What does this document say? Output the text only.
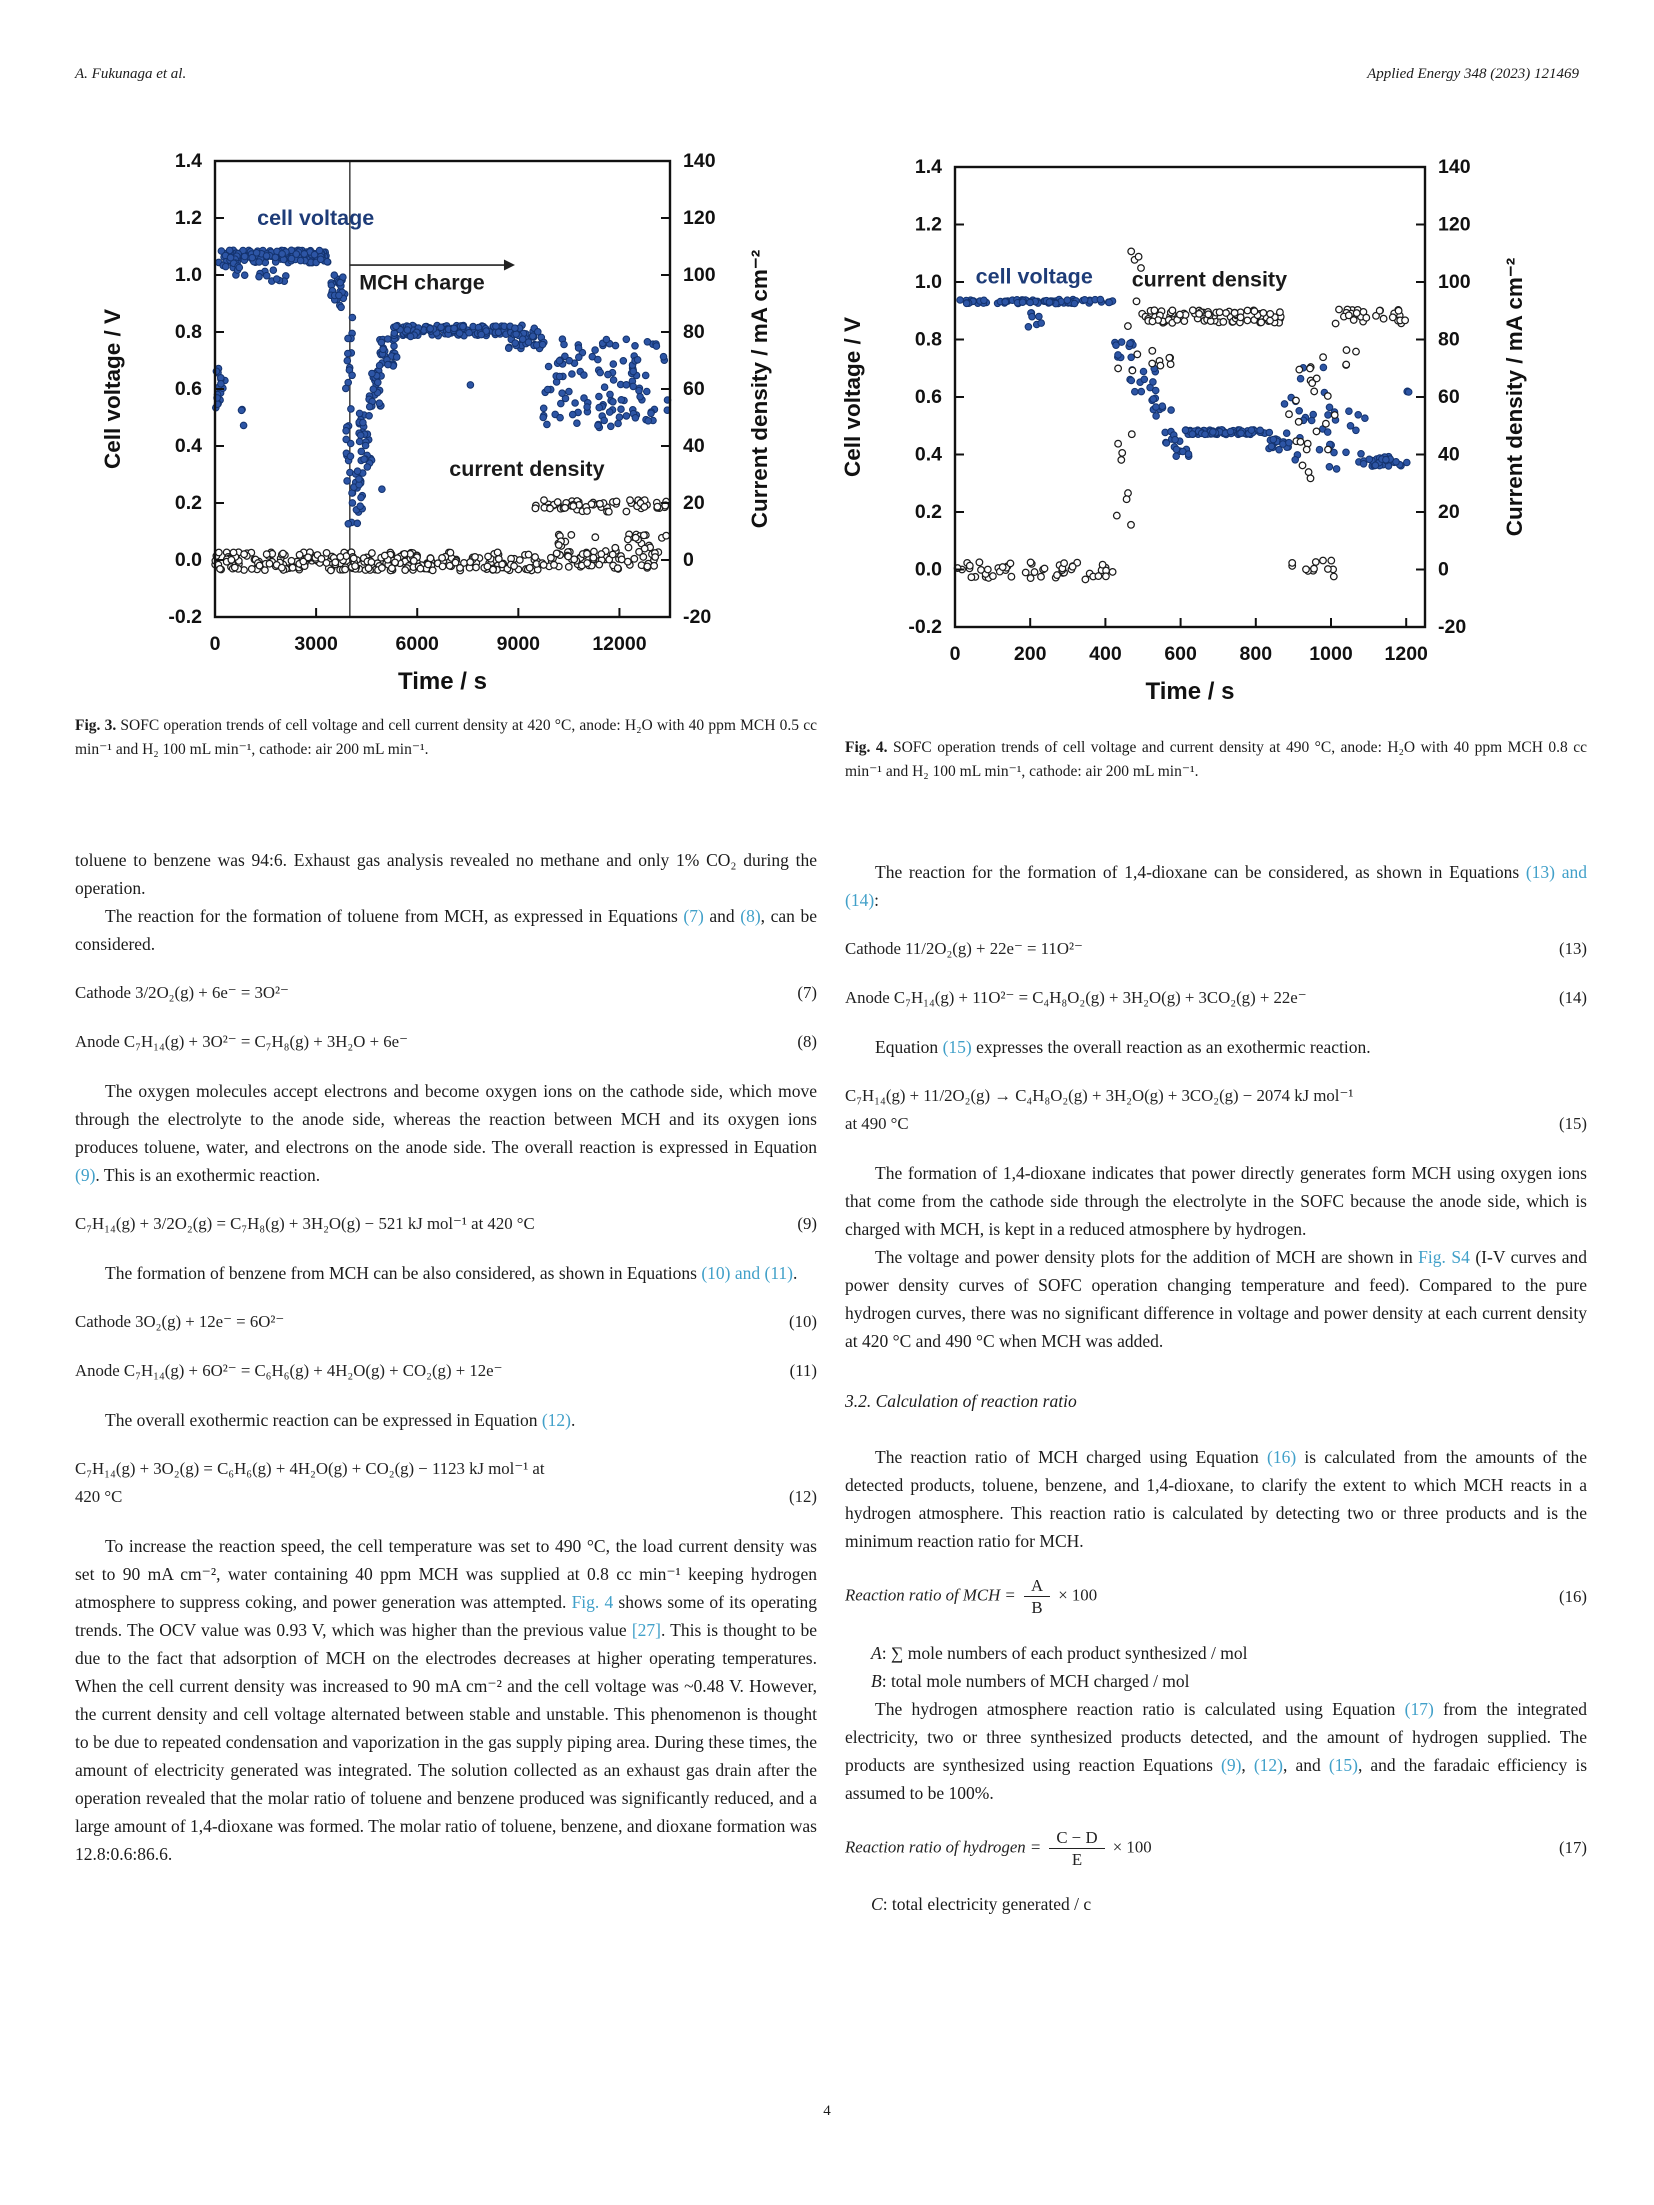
A. Fukunaga et al.	Applied Energy 348 (2023) 121469
1.4
1.2
1.0
0.8
0.6
0.4
0.2
0.0
-0.2
Cell voltage / V
140
120
100
80
60
40
20
0
-20
Current density / mA cm⁻²
0	3000	6000	9000	12000
Time / s
cell voltage
MCH charge
current density
1.4
1.2
1.0
0.8
0.6
0.4
0.2
0.0
-0.2
Cell voltage / V
140
120
100
80
60
40
20
0
-20
Current density / mA cm⁻²
0	200 400 600 800 1000 1200
Time / s
cell voltage current density
Fig. 3. SOFC operation trends of cell voltage and cell current density at 420 °C, anode: H₂O with 40 ppm MCH 0.5 cc min⁻¹ and H₂ 100 mL min⁻¹, cathode: air 200 mL min⁻¹.	Fig. 4. SOFC operation trends of cell voltage and current density at 490 °C, anode: H₂O with 40 ppm MCH 0.8 cc min⁻¹ and H₂ 100 mL min⁻¹, cathode: air 200 mL min⁻¹.

toluene to benzene was 94:6. Exhaust gas analysis revealed no methane and only 1% CO₂ during the operation.

The reaction for the formation of toluene from MCH, as expressed in Equations (7) and (8), can be considered.

Cathode 3/2O₂(g) + 6e⁻ = 3O²⁻	(7)
Anode C₇H₁₄(g) + 3O²⁻ = C₇H₈(g) + 3H₂O + 6e⁻	(8)

The oxygen molecules accept electrons and become oxygen ions on the cathode side, which move through the electrolyte to the anode side, whereas the reaction between MCH and its oxygen ions produces toluene, water, and electrons on the anode side. The overall reaction is expressed in Equation (9). This is an exothermic reaction.

C₇H₁₄(g) + 3/2O₂(g) = C₇H₈(g) + 3H₂O(g) − 521 kJ mol⁻¹ at 420 °C	(9)

The formation of benzene from MCH can be also considered, as shown in Equations (10) and (11).

Cathode 3O₂(g) + 12e⁻ = 6O²⁻	(10)
Anode C₇H₁₄(g) + 6O²⁻ = C₆H₆(g) + 4H₂O(g) + CO₂(g) + 12e⁻	(11)

The overall exothermic reaction can be expressed in Equation (12).

C₇H₁₄(g) + 3O₂(g) = C₆H₆(g) + 4H₂O(g) + CO₂(g) − 1123 kJ mol⁻¹ at
420 °C	(12)

To increase the reaction speed, the cell temperature was set to 490 °C, the load current density was set to 90 mA cm⁻², water containing 40 ppm MCH was supplied at 0.8 cc min⁻¹ keeping hydrogen atmosphere to suppress coking, and power generation was attempted. Fig. 4 shows some of its operating trends. The OCV value was 0.93 V, which was higher than the previous value [27]. This is thought to be due to the fact that adsorption of MCH on the electrodes decreases at higher operating temperatures. When the cell current density was increased to 90 mA cm⁻² and the cell voltage was ~0.48 V. However, the current density and cell voltage alternated between stable and unstable. This phenomenon is thought to be due to repeated condensation and vaporization in the gas supply piping area. During these times, the amount of electricity generated was integrated. The solution collected as an exhaust gas drain after the operation revealed that the molar ratio of toluene and benzene produced was significantly reduced, and a large amount of 1,4-dioxane was formed. The molar ratio of toluene, benzene, and dioxane formation was 12.8:0.6:86.6.

The reaction for the formation of 1,4-dioxane can be considered, as shown in Equations (13) and (14):

Cathode 11/2O₂(g) + 22e⁻ = 11O²⁻	(13)
Anode C₇H₁₄(g) + 11O²⁻ = C₄H₈O₂(g) + 3H₂O(g) + 3CO₂(g) + 22e⁻	(14)

Equation (15) expresses the overall reaction as an exothermic reaction.

C₇H₁₄(g) + 11/2O₂(g) → C₄H₈O₂(g) + 3H₂O(g) + 3CO₂(g) − 2074 kJ mol⁻¹
at 490 °C	(15)

The formation of 1,4-dioxane indicates that power directly generates form MCH using oxygen ions that come from the cathode side through the electrolyte in the SOFC because the anode side, which is charged with MCH, is kept in a reduced atmosphere by hydrogen.

The voltage and power density plots for the addition of MCH are shown in Fig. S4 (I-V curves and power density curves of SOFC operation changing temperature and feed). Compared to the pure hydrogen curves, there was no significant difference in voltage and power density at each current density at 420 °C and 490 °C when MCH was added.

3.2. Calculation of reaction ratio

The reaction ratio of MCH charged using Equation (16) is calculated from the amounts of the detected products, toluene, benzene, and 1,4-dioxane, to clarify the extent to which MCH reacts in a hydrogen atmosphere. This reaction ratio is calculated by detecting two or three products and is the minimum reaction ratio for MCH.

Reaction ratio of MCH = $\frac{A}{B} \times 100$	(16)
A: ∑ mole numbers of each product synthesized / mol
B: total mole numbers of MCH charged / mol

The hydrogen atmosphere reaction ratio is calculated using Equation (17) from the integrated electricity, two or three synthesized products detected, and the amount of hydrogen supplied. The products are synthesized using reaction Equations (9), (12), and (15), and the faradaic efficiency is assumed to be 100%.

Reaction ratio of hydrogen = $\frac{C - D}{E} \times 100$	(17)
C: total electricity generated / c
4
